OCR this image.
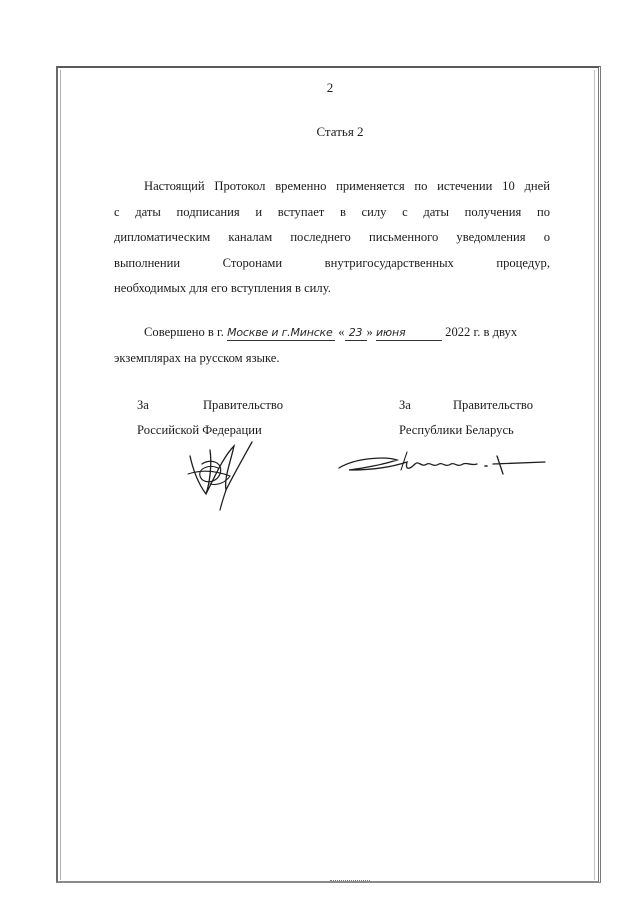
2
Статья 2
Настоящий Протокол временно применяется по истечении 10 дней
с даты подписания и вступает в силу с даты получения по
дипломатическим каналам последнего письменного уведомления о
выполнении Сторонами внутригосударственных процедур,
необходимых для его вступления в силу.
Совершено в г. Москве и г.Минске « 23 » июня	2022 г. в двух
экземплярах на русском языке.
За	Правительство
Российской Федерации
За	Правительство
Республики Беларусь
